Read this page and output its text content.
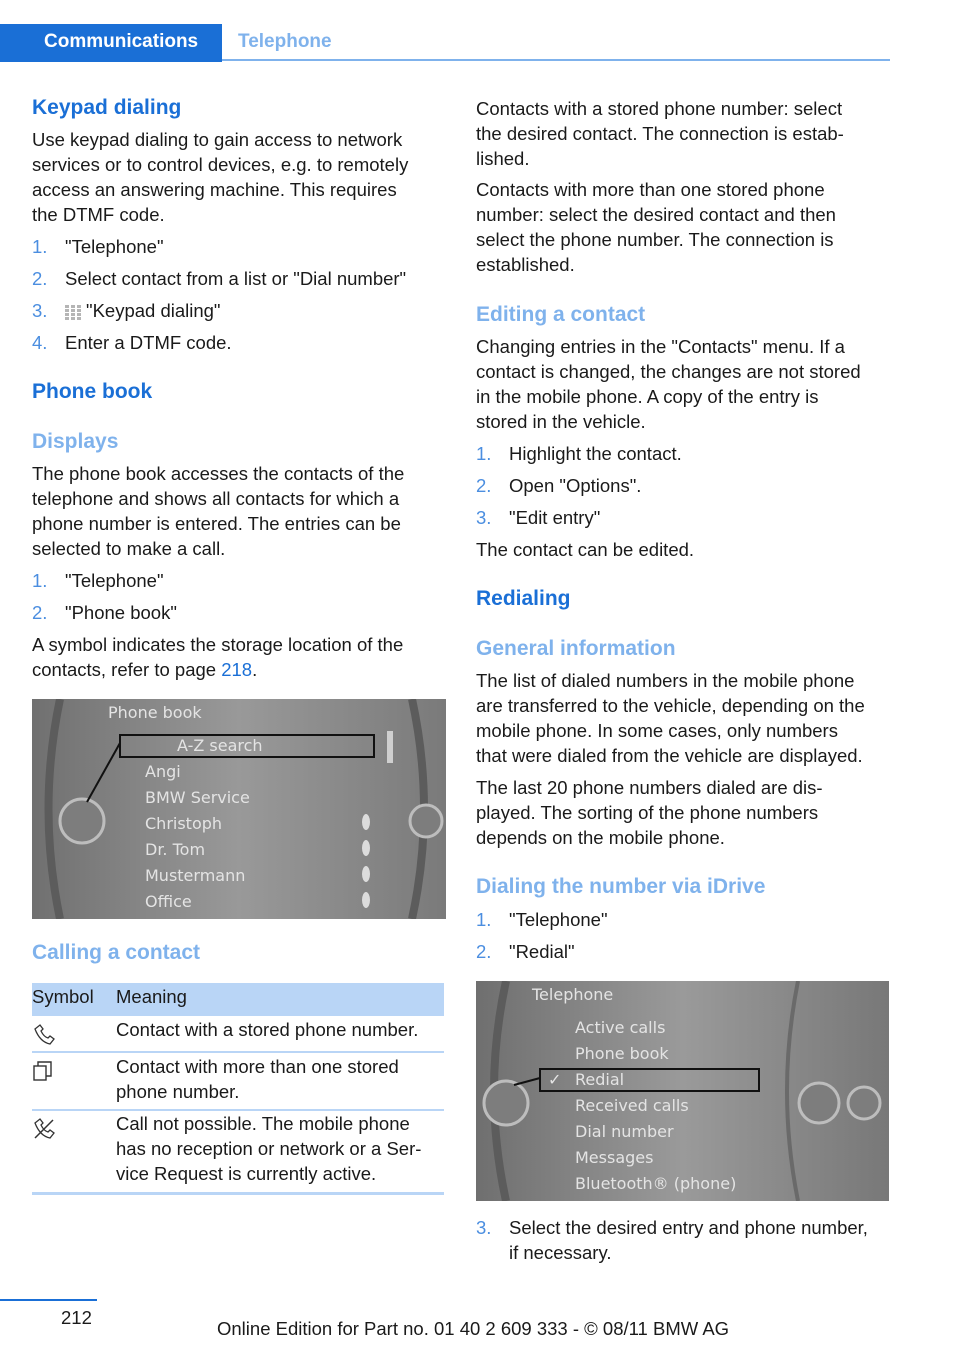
Communications	Telephone
Keypad dialing

Use keypad dialing to gain access to network

services or to control devices, e.g. to remotely

access an answering machine. This requires

the DTMF code.

1. "Telephone"
2. Select contact from a list or "Dial number"
3. "Keypad dialing"
4. Enter a DTMF code.
Phone book
Displays

The phone book accesses the contacts of the

telephone and shows all contacts for which a

phone number is entered. The entries can be

selected to make a call.

1. "Telephone"
2. "Phone book"

A symbol indicates the storage location of the

contacts, refer to page 218.

Phone book
A-Z search
Angi
BMW Service
Christoph
Dr. Tom
Mustermann
Office
Calling a contact
Symbol Meaning
Contact with a stored phone number.
Contact with more than one stored
phone number.
Call not possible. The mobile phone
has no reception or network or a Ser-
vice Request is currently active.

Contacts with a stored phone number: select

the desired contact. The connection is estab-

lished.

Contacts with more than one stored phone

number: select the desired contact and then

select the phone number. The connection is

established.

Editing a contact

Changing entries in the "Contacts" menu. If a

contact is changed, the changes are not stored

in the mobile phone. A copy of the entry is

stored in the vehicle.

1. Highlight the contact.
2. Open "Options".
3. "Edit entry"

The contact can be edited.

Redialing
General information

The list of dialed numbers in the mobile phone

are transferred to the vehicle, depending on the

mobile phone. In some cases, only numbers

that were dialed from the vehicle are displayed.

The last 20 phone numbers dialed are dis-

played. The sorting of the phone numbers

depends on the mobile phone.

Dialing the number via iDrive
1. "Telephone"
2. "Redial"
Telephone
Active calls
Phone book
✓ Redial
Received calls
Dial number
Messages
Bluetooth® (phone)
3. Select the desired entry and phone number,
if necessary.
212
Online Edition for Part no. 01 40 2 609 333 - © 08/11 BMW AG
